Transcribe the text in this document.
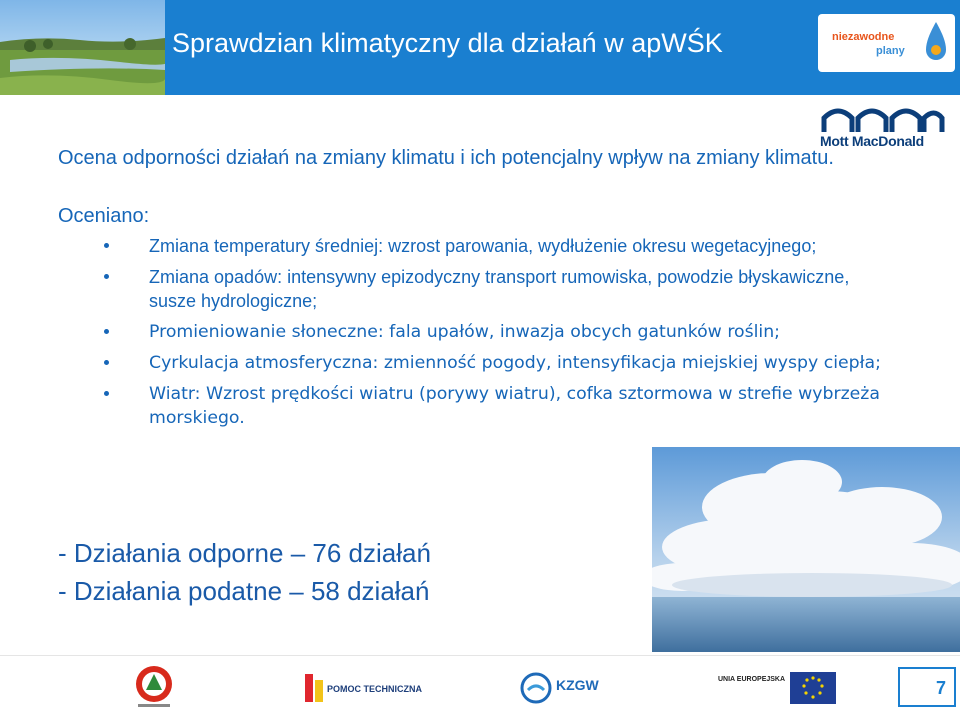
Sprawdzian klimatyczny dla działań w apWŚK	niezawodne
plany
Mott MacDonald
Ocena odporności działań na zmiany klimatu i ich potencjalny wpływ na zmiany klimatu.
Oceniano:
Zmiana temperatury średniej: wzrost parowania, wydłużenie okresu wegetacyjnego;
Zmiana opadów: intensywny epizodyczny transport rumowiska, powodzie błyskawiczne, susze hydrologiczne;
Promieniowanie słoneczne: fala upałów, inwazja obcych gatunków roślin;
Cyrkulacja atmosferyczna: zmienność pogody, intensyfikacja miejskiej wyspy ciepła;
Wiatr: Wzrost prędkości wiatru (porywy wiatru), cofka sztormowa w strefie wybrzeża morskiego.
- Działania odporne – 76 działań
- Działania podatne – 58 działań
POMOC TECHNICZNA	KZGW	UNIA EUROPEJSKA	7
